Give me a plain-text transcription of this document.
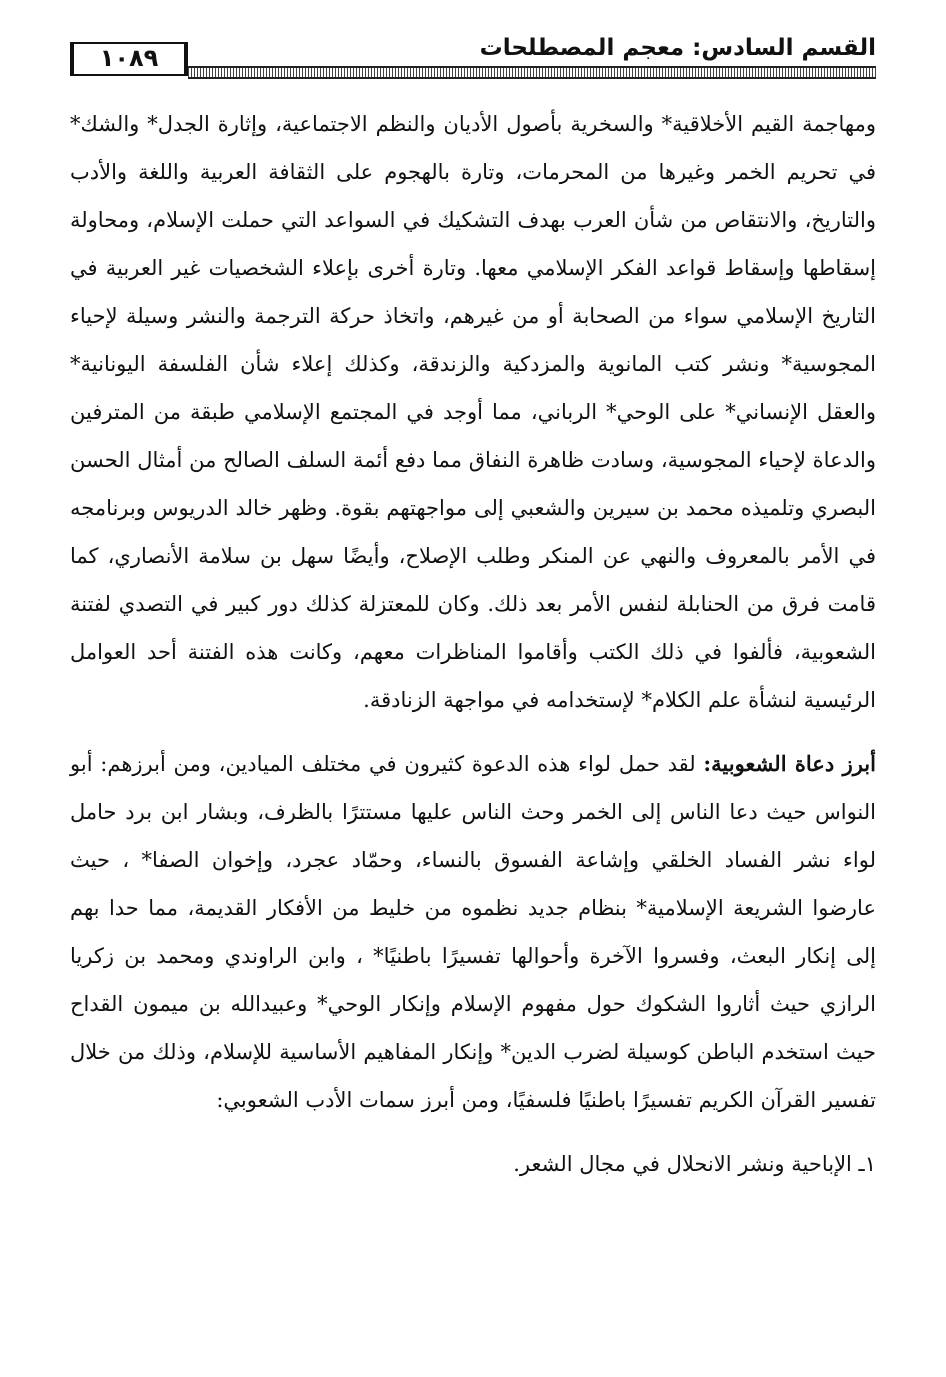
١٠٨٩	القسم السادس: معجم المصطلحات

ومهاجمة القيم الأخلاقية* والسخرية بأصول الأديان والنظم الاجتماعية، وإثارة الجدل* والشك* في تحريم الخمر وغيرها من المحرمات، وتارة بالهجوم على الثقافة العربية واللغة والأدب والتاريخ، والانتقاص من شأن العرب بهدف التشكيك في السواعد التي حملت الإسلام، ومحاولة إسقاطها وإسقاط قواعد الفكر الإسلامي معها. وتارة أخرى بإعلاء الشخصيات غير العربية في التاريخ الإسلامي سواء من الصحابة أو من غيرهم، واتخاذ حركة الترجمة والنشر وسيلة لإحياء المجوسية* ونشر كتب المانوية والمزدكية والزندقة، وكذلك إعلاء شأن الفلسفة اليونانية* والعقل الإنساني* على الوحي* الرباني، مما أوجد في المجتمع الإسلامي طبقة من المترفين والدعاة لإحياء المجوسية، وسادت ظاهرة النفاق مما دفع أئمة السلف الصالح من أمثال الحسن البصري وتلميذه محمد بن سيرين والشعبي إلى مواجهتهم بقوة. وظهر خالد الدريوس وبرنامجه في الأمر بالمعروف والنهي عن المنكر وطلب الإصلاح، وأيضًا سهل بن سلامة الأنصاري، كما قامت فرق من الحنابلة لنفس الأمر بعد ذلك. وكان للمعتزلة كذلك دور كبير في التصدي لفتنة الشعوبية، فألفوا في ذلك الكتب وأقاموا المناظرات معهم، وكانت هذه الفتنة أحد العوامل الرئيسية لنشأة علم الكلام* لإستخدامه في مواجهة الزنادقة.

أبرز دعاة الشعوبية: لقد حمل لواء هذه الدعوة كثيرون في مختلف الميادين، ومن أبرزهم: أبو النواس حيث دعا الناس إلى الخمر وحث الناس عليها مستترًا بالظرف، وبشار ابن برد حامل لواء نشر الفساد الخلقي وإشاعة الفسوق بالنساء، وحمّاد عجرد، وإخوان الصفا* ، حيث عارضوا الشريعة الإسلامية* بنظام جديد نظموه من خليط من الأفكار القديمة، مما حدا بهم إلى إنكار البعث، وفسروا الآخرة وأحوالها تفسيرًا باطنيًا* ، وابن الراوندي ومحمد بن زكريا الرازي حيث أثاروا الشكوك حول مفهوم الإسلام وإنكار الوحي* وعبيدالله بن ميمون القداح حيث استخدم الباطن كوسيلة لضرب الدين* وإنكار المفاهيم الأساسية للإسلام، وذلك من خلال تفسير القرآن الكريم تفسيرًا باطنيًا فلسفيًا، ومن أبرز سمات الأدب الشعوبي:

١ـ الإباحية ونشر الانحلال في مجال الشعر.
